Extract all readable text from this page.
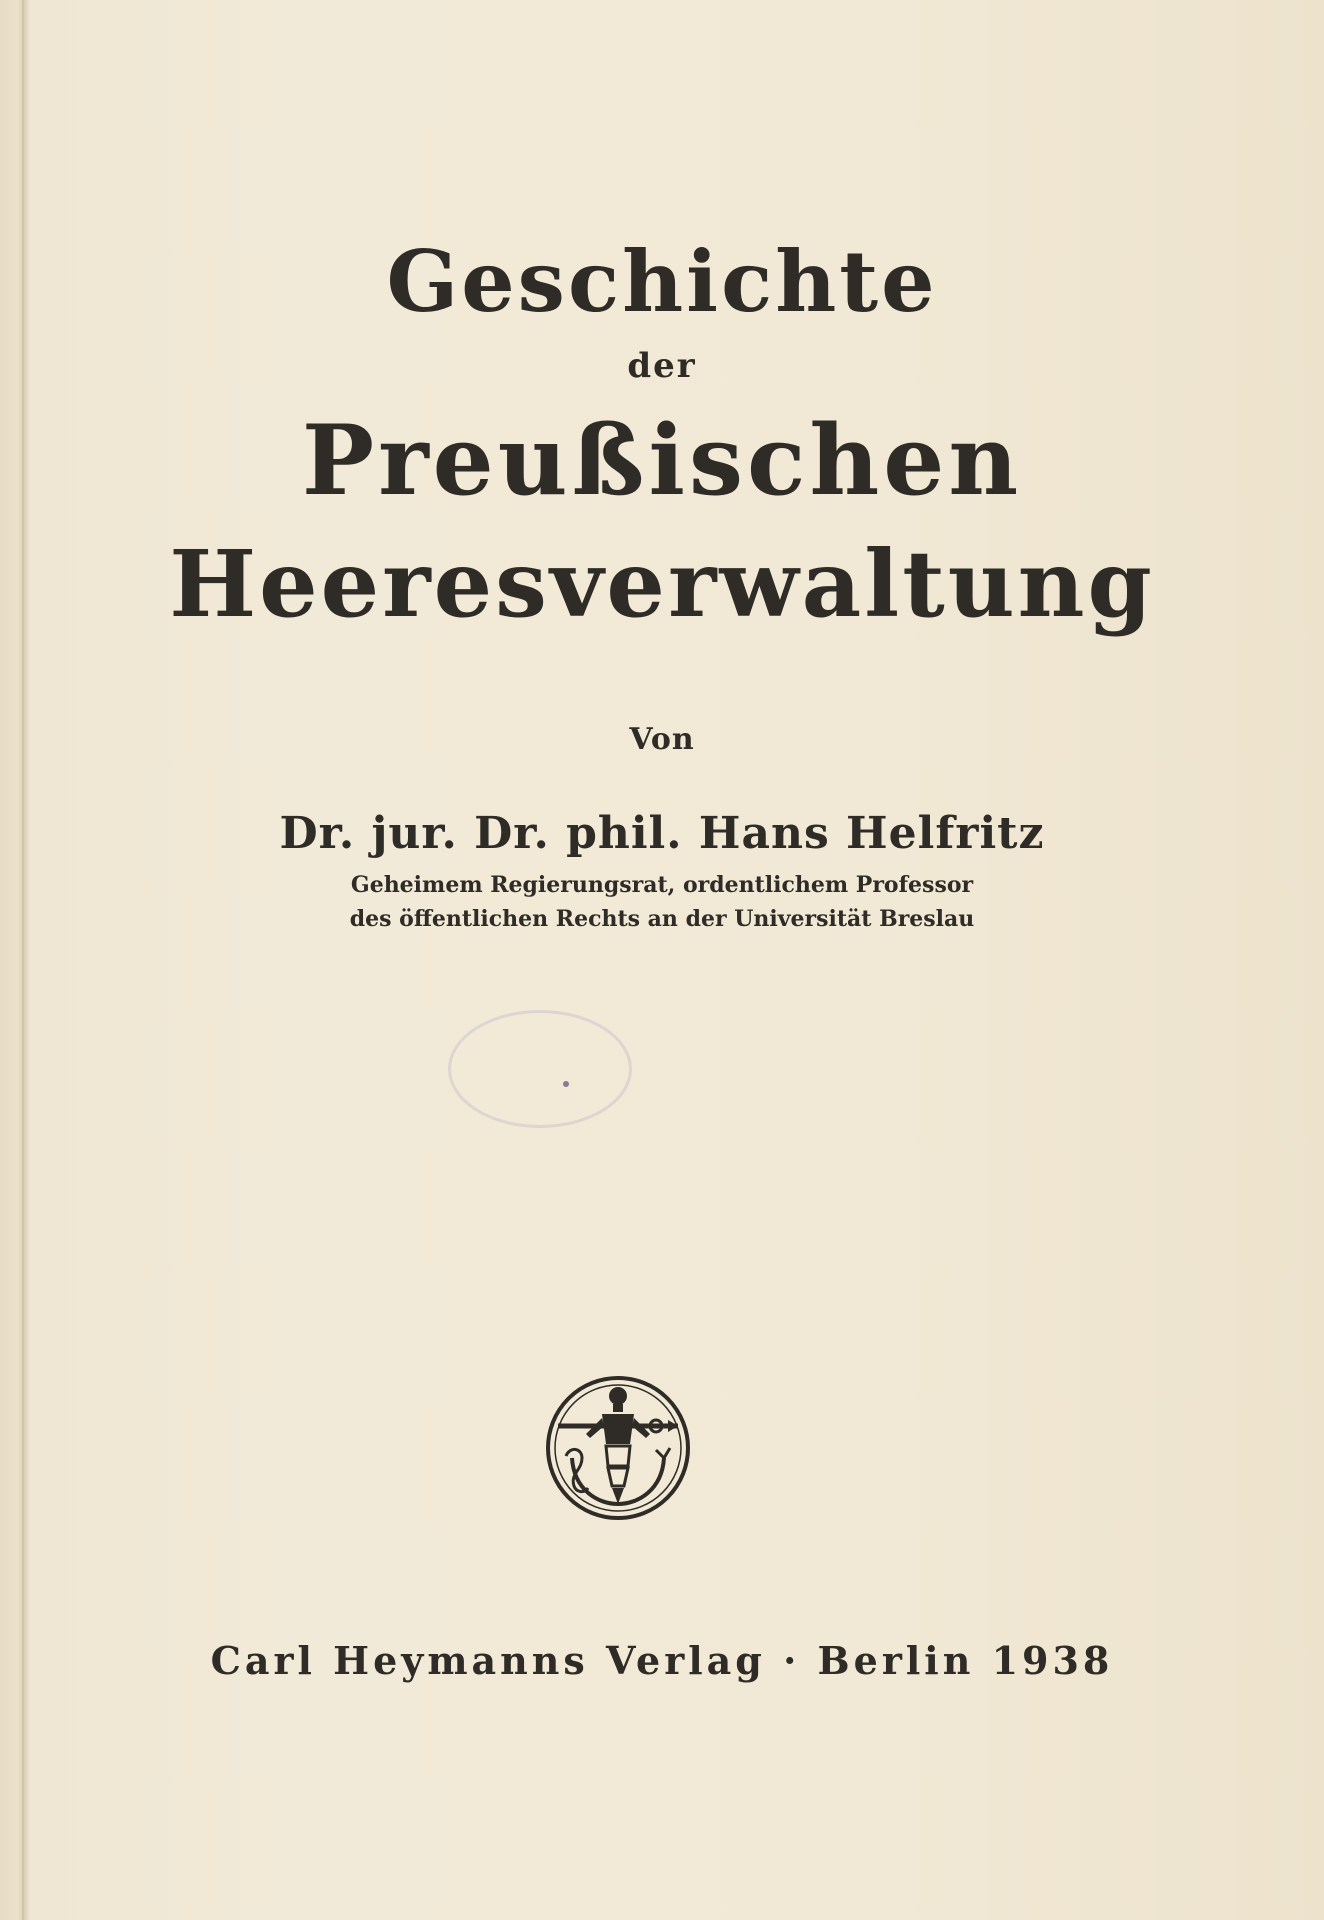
Geschichte
der
Preußischen
Heeresverwaltung
Von
Dr. jur. Dr. phil. Hans Helfritz
Geheimem Regierungsrat, ordentlichem Professor
des öffentlichen Rechts an der Universität Breslau
Carl Heymanns Verlag · Berlin 1938
